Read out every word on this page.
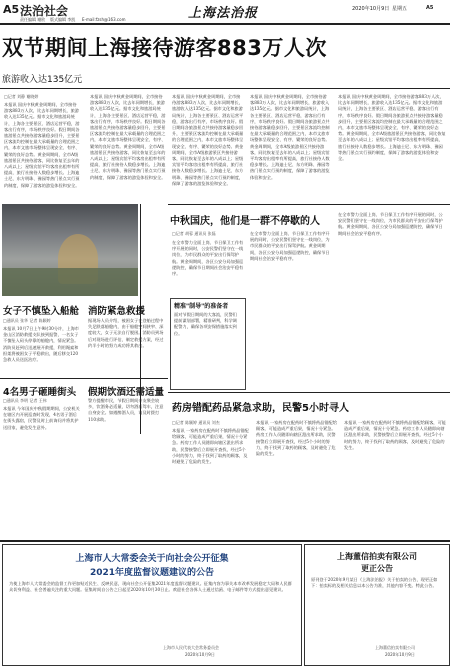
A5 法治社会
责任编辑 谢欧 版式编辑 李凯 E-mail:fzsh@163.com	上海法治报	2020年10月9日 星期五	A5
双节期间上海接待游客883万人次
旅游收入达135亿元
□记者 刘静 谢晓婷
本报讯 国庆中秋黄金周期间，全市接待游客883万人次，比去年同期增长，旅游收入达135亿元。据市文化和旅游局统计，上海各主要景区、酒店运营平稳，游客出行有序，市场秩序良好。假日期间各旅游景点共接待游客量稳步回升，主要景区客流均控制在最大承载量的合理范围之内，本市文旅市场整体呈现安全、有序、繁荣的良好态势。黄金周期间，全市A级旅游景区共接待游客，同比恢复至去年的八成以上；星级宾馆平均客房出租率有所提高，旅行社接待人数稳步增长。上海迪士尼、东方明珠、豫园等热门景点实行预约制度，保障了游客的游览体验和安全。
本报讯 国庆中秋黄金周期间，全市接待游客883万人次，比去年同期增长，旅游收入达135亿元。据市文化和旅游局统计，上海各主要景区、酒店运营平稳，游客出行有序，市场秩序良好。假日期间各旅游景点共接待游客量稳步回升，主要景区客流均控制在最大承载量的合理范围之内，本市文旅市场整体呈现安全、有序、繁荣的良好态势。黄金周期间，全市A级旅游景区共接待游客，同比恢复至去年的八成以上；星级宾馆平均客房出租率有所提高，旅行社接待人数稳步增长。上海迪士尼、东方明珠、豫园等热门景点实行预约制度，保障了游客的游览体验和安全。
本报讯 国庆中秋黄金周期间，全市接待游客883万人次，比去年同期增长，旅游收入达135亿元。据市文化和旅游局统计，上海各主要景区、酒店运营平稳，游客出行有序，市场秩序良好。假日期间各旅游景点共接待游客量稳步回升，主要景区客流均控制在最大承载量的合理范围之内，本市文旅市场整体呈现安全、有序、繁荣的良好态势。黄金周期间，全市A级旅游景区共接待游客，同比恢复至去年的八成以上；星级宾馆平均客房出租率有所提高，旅行社接待人数稳步增长。上海迪士尼、东方明珠、豫园等热门景点实行预约制度，保障了游客的游览体验和安全。
本报讯 国庆中秋黄金周期间，全市接待游客883万人次，比去年同期增长，旅游收入达135亿元。据市文化和旅游局统计，上海各主要景区、酒店运营平稳，游客出行有序，市场秩序良好。假日期间各旅游景点共接待游客量稳步回升，主要景区客流均控制在最大承载量的合理范围之内，本市文旅市场整体呈现安全、有序、繁荣的良好态势。黄金周期间，全市A级旅游景区共接待游客，同比恢复至去年的八成以上；星级宾馆平均客房出租率有所提高，旅行社接待人数稳步增长。上海迪士尼、东方明珠、豫园等热门景点实行预约制度，保障了游客的游览体验和安全。
本报讯 国庆中秋黄金周期间，全市接待游客883万人次，比去年同期增长，旅游收入达135亿元。据市文化和旅游局统计，上海各主要景区、酒店运营平稳，游客出行有序，市场秩序良好。假日期间各旅游景点共接待游客量稳步回升，主要景区客流均控制在最大承载量的合理范围之内，本市文旅市场整体呈现安全、有序、繁荣的良好态势。黄金周期间，全市A级旅游景区共接待游客，同比恢复至去年的八成以上；星级宾馆平均客房出租率有所提高，旅行社接待人数稳步增长。上海迪士尼、东方明珠、豫园等热门景点实行预约制度，保障了游客的游览体验和安全。
女子不慎坠入船舱
□通讯员 张华 记者 陈颖婷
本报讯 10月7日上午9时30分许，上海市金山区消防救援支队接到报警，一名女子不慎坠入码头停靠的船舱内，情况紧急。消防员赶到后迅速展开救援，利用绳索和担架将被困女子平稳救出，随后移交120急救人员送医治疗。
消防紧急救援
据现场人员介绍，被困女子在登船过程中失足跌落船舱内，由于船舱空间狭窄、深度较大，女子无法自行脱困。消防员到场后对现场进行评估，制定救援方案，经过约半小时的努力成功将其救出。
4名男子砸睡街头
□通讯员 李明 记者 王伟
本报讯 今年国庆中秋假期期间，公安机关在辖区内开展巡查时发现，4名男子酒后在街头露宿，民警及时上前询问并将其护送回家，避免发生意外。
假期饮酒还需适量
警方提醒市民，节假日期间亲友聚会较多，饮酒务必适量，切勿酒后驾车，注意自身安全。如遇醉酒人员，请及时拨打110求助。
中秋国庆，他们是一群不停歇的人
□记者 胡蓉 通讯员 张磊
在全市警力全面上岗、节日保卫工作有序开展的同时，公安民警们坚守在一线岗位，为市民群众的平安出行保驾护航。黄金周期间，各区公安分局加强巡逻防控，确保节日期间社会治安平稳有序。
在全市警力全面上岗、节日保卫工作有序开展的同时，公安民警们坚守在一线岗位，为市民群众的平安出行保驾护航。黄金周期间，各区公安分局加强巡逻防控，确保节日期间社会治安平稳有序。
在全市警力全面上岗、节日保卫工作有序开展的同时，公安民警们坚守在一线岗位，为市民群众的平安出行保驾护航。黄金周期间，各区公安分局加强巡逻防控，确保节日期间社会治安平稳有序。
精准"制导"的准备者
面对节假日期间的大客流，民警们提前谋划部署，精准研判，科学调配警力，确保各项安保措施落实到位。
药房错配药品紧急求助，民警5小时寻人
□记者 陈颖婷 通讯员 刘杰
本报讯 一家药房在配药时不慎将药品错配给顾客，可能造成严重后果，情况十分紧急。药房工作人员随即向辖区派出所求助，民警接警后立即展开查找，经过5个小时的努力，终于找到了取药的顾客，及时避免了危险的发生。
本报讯 一家药房在配药时不慎将药品错配给顾客，可能造成严重后果，情况十分紧急。药房工作人员随即向辖区派出所求助，民警接警后立即展开查找，经过5个小时的努力，终于找到了取药的顾客，及时避免了危险的发生。
本报讯 一家药房在配药时不慎将药品错配给顾客，可能造成严重后果，情况十分紧急。药房工作人员随即向辖区派出所求助，民警接警后立即展开查找，经过5个小时的努力，终于找到了取药的顾客，及时避免了危险的发生。
上海市人大常委会关于向社会公开征集
2021年度监督议题建议的公告
为使上海市人大常委会的监督工作更加贴近民生、反映民意，现向社会公开征集2021年度监督议题建议。征集内容为事关本市改革发展稳定大局和人民群众切身利益、社会普遍关注的重大问题。征集时间自公告之日起至2020年10月30日止。欢迎社会各界人士通过信函、电子邮件等方式提出意见建议。
上海市人民代表大会常务委员会
2020年10月9日
上海董信拍卖有限公司
更正公告
原刊登于2020年9月某日《上海法治报》关于拍卖的公告，现更正如下：拍卖标的及相关信息以本公告为准，其他内容不变。特此公告。
上海董信拍卖有限公司
2020年10月9日
